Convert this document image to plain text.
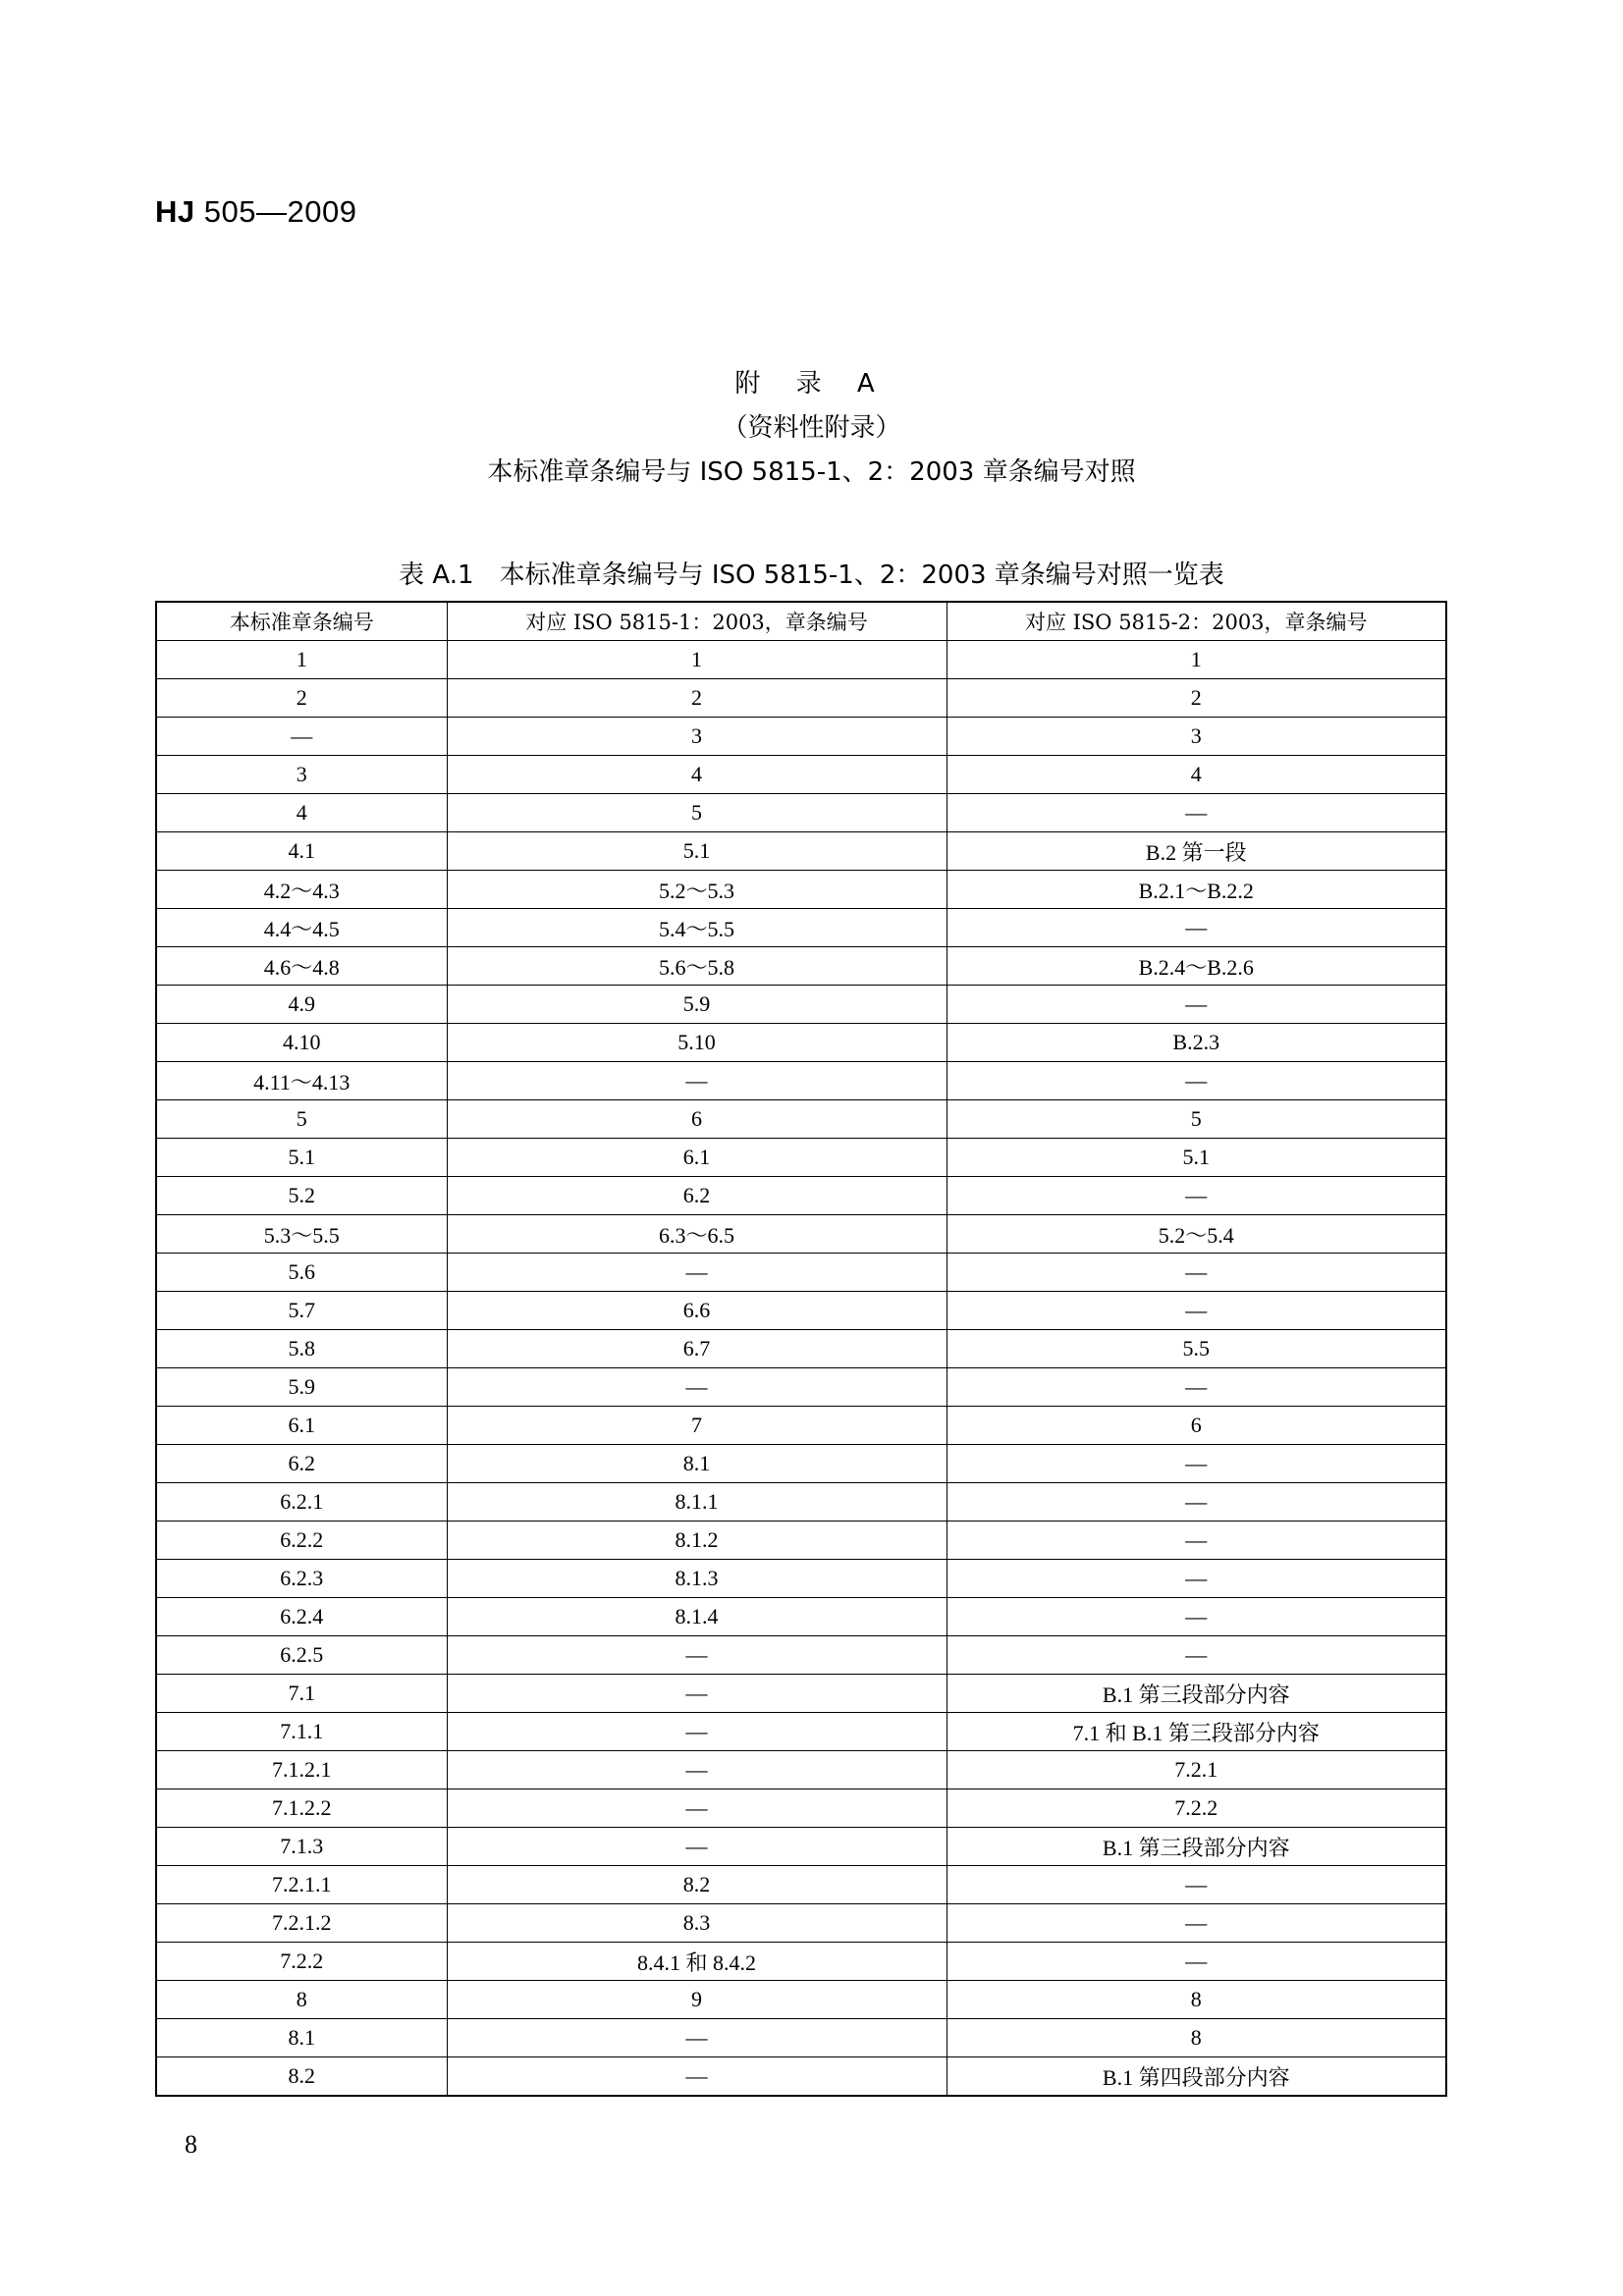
HJ 505—2009
附 录 A
（资料性附录）
本标准章条编号与 ISO 5815-1、2：2003 章条编号对照
表 A.1　本标准章条编号与 ISO 5815-1、2：2003 章条编号对照一览表
本标准章条编号	对应 ISO 5815-1：2003，章条编号	对应 ISO 5815-2：2003，章条编号
1	1	1
2	2	2
—	3	3
3	4	4
4	5	—
4.1	5.1	B.2 第一段
4.2～4.3	5.2～5.3	B.2.1～B.2.2
4.4～4.5	5.4～5.5	—
4.6～4.8	5.6～5.8	B.2.4～B.2.6
4.9	5.9	—
4.10	5.10	B.2.3
4.11～4.13	—	—
5	6	5
5.1	6.1	5.1
5.2	6.2	—
5.3～5.5	6.3～6.5	5.2～5.4
5.6	—	—
5.7	6.6	—
5.8	6.7	5.5
5.9	—	—
6.1	7	6
6.2	8.1	—
6.2.1	8.1.1	—
6.2.2	8.1.2	—
6.2.3	8.1.3	—
6.2.4	8.1.4	—
6.2.5	—	—
7.1	—	B.1 第三段部分内容
7.1.1	—	7.1 和 B.1 第三段部分内容
7.1.2.1	—	7.2.1
7.1.2.2	—	7.2.2
7.1.3	—	B.1 第三段部分内容
7.2.1.1	8.2	—
7.2.1.2	8.3	—
7.2.2	8.4.1 和 8.4.2	—
8	9	8
8.1	—	8
8.2	—	B.1 第四段部分内容
8
